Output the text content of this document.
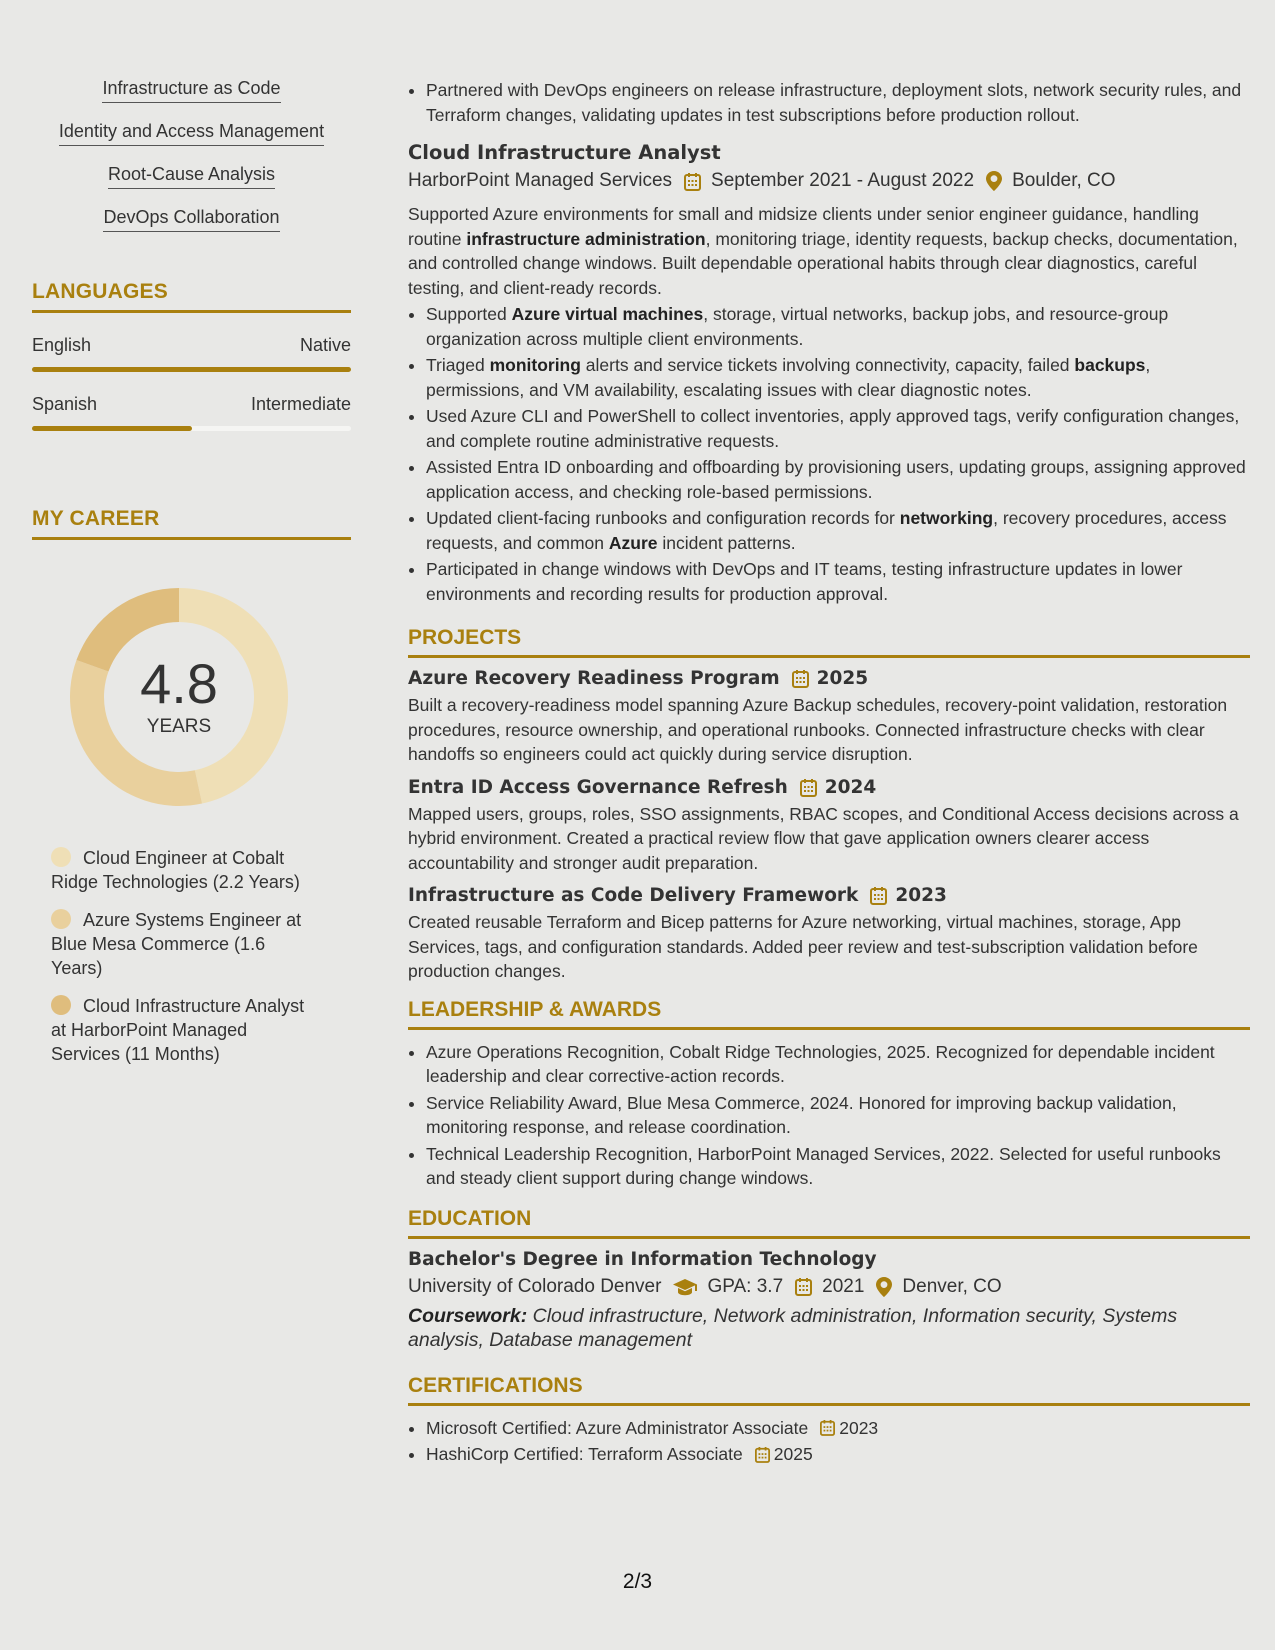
Infrastructure as Code
Identity and Access Management
Root-Cause Analysis
DevOps Collaboration
LANGUAGES
English	Native
Spanish	Intermediate
MY CAREER
4.8
YEARS
Cloud Engineer at Cobalt Ridge Technologies (2.2 Years)
Azure Systems Engineer at Blue Mesa Commerce (1.6 Years)
Cloud Infrastructure Analyst at HarborPoint Managed Services (11 Months)
• Partnered with DevOps engineers on release infrastructure, deployment slots, network security rules, and Terraform changes, validating updates in test subscriptions before production rollout.
Cloud Infrastructure Analyst
HarborPoint Managed Services September 2021 - August 2022 Boulder, CO

Supported Azure environments for small and midsize clients under senior engineer guidance, handling routine infrastructure administration, monitoring triage, identity requests, backup checks, documentation, and controlled change windows. Built dependable operational habits through clear diagnostics, careful testing, and client-ready records.

• Supported Azure virtual machines, storage, virtual networks, backup jobs, and resource-group organization across multiple client environments.
• Triaged monitoring alerts and service tickets involving connectivity, capacity, failed backups, permissions, and VM availability, escalating issues with clear diagnostic notes.
• Used Azure CLI and PowerShell to collect inventories, apply approved tags, verify configuration changes, and complete routine administrative requests.
• Assisted Entra ID onboarding and offboarding by provisioning users, updating groups, assigning approved application access, and checking role-based permissions.
• Updated client-facing runbooks and configuration records for networking, recovery procedures, access requests, and common Azure incident patterns.
• Participated in change windows with DevOps and IT teams, testing infrastructure updates in lower environments and recording results for production approval.
PROJECTS
Azure Recovery Readiness Program 2025

Built a recovery-readiness model spanning Azure Backup schedules, recovery-point validation, restoration procedures, resource ownership, and operational runbooks. Connected infrastructure checks with clear handoffs so engineers could act quickly during service disruption.

Entra ID Access Governance Refresh 2024

Mapped users, groups, roles, SSO assignments, RBAC scopes, and Conditional Access decisions across a hybrid environment. Created a practical review flow that gave application owners clearer access accountability and stronger audit preparation.

Infrastructure as Code Delivery Framework 2023

Created reusable Terraform and Bicep patterns for Azure networking, virtual machines, storage, App Services, tags, and configuration standards. Added peer review and test-subscription validation before production changes.

LEADERSHIP & AWARDS
• Azure Operations Recognition, Cobalt Ridge Technologies, 2025. Recognized for dependable incident leadership and clear corrective-action records.
• Service Reliability Award, Blue Mesa Commerce, 2024. Honored for improving backup validation, monitoring response, and release coordination.
• Technical Leadership Recognition, HarborPoint Managed Services, 2022. Selected for useful runbooks and steady client support during change windows.
EDUCATION
Bachelor's Degree in Information Technology
University of Colorado Denver GPA: 3.7 2021 Denver, CO
Coursework: Cloud infrastructure, Network administration, Information security, Systems analysis, Database management
CERTIFICATIONS
• Microsoft Certified: Azure Administrator Associate 2023
• HashiCorp Certified: Terraform Associate 2025
2/3
